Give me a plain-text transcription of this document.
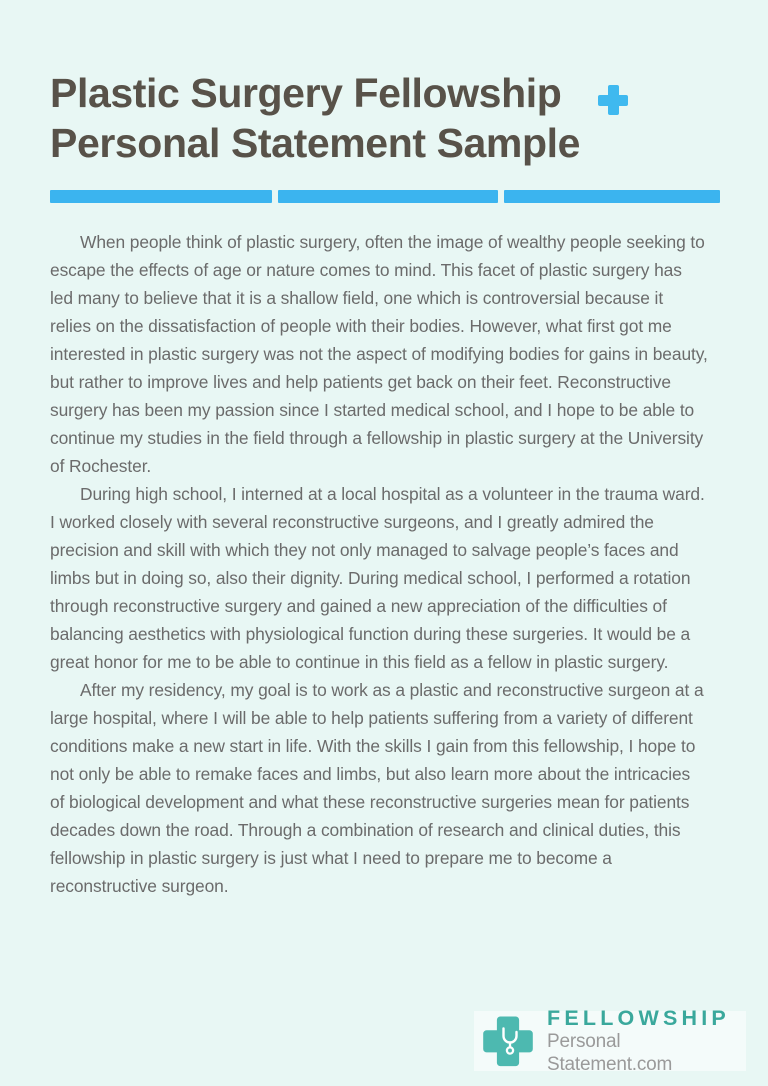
Plastic Surgery Fellowship
Personal Statement Sample

When people think of plastic surgery, often the image of wealthy people seeking to escape the effects of age or nature comes to mind. This facet of plastic surgery has led many to believe that it is a shallow field, one which is controversial because it relies on the dissatisfaction of people with their bodies. However, what first got me interested in plastic surgery was not the aspect of modifying bodies for gains in beauty, but rather to improve lives and help patients get back on their feet. Reconstructive surgery has been my passion since I started medical school, and I hope to be able to continue my studies in the field through a fellowship in plastic surgery at the University of Rochester.

During high school, I interned at a local hospital as a volunteer in the trauma ward. I worked closely with several reconstructive surgeons, and I greatly admired the precision and skill with which they not only managed to salvage people’s faces and limbs but in doing so, also their dignity. During medical school, I performed a rotation through reconstructive surgery and gained a new appreciation of the difficulties of balancing aesthetics with physiological function during these surgeries. It would be a great honor for me to be able to continue in this field as a fellow in plastic surgery.

After my residency, my goal is to work as a plastic and reconstructive surgeon at a large hospital, where I will be able to help patients suffering from a variety of different conditions make a new start in life. With the skills I gain from this fellowship, I hope to not only be able to remake faces and limbs, but also learn more about the intricacies of biological development and what these reconstructive surgeries mean for patients decades down the road. Through a combination of research and clinical duties, this fellowship in plastic surgery is just what I need to prepare me to become a reconstructive surgeon.

FELLOWSHIP
Personal Statement.com
